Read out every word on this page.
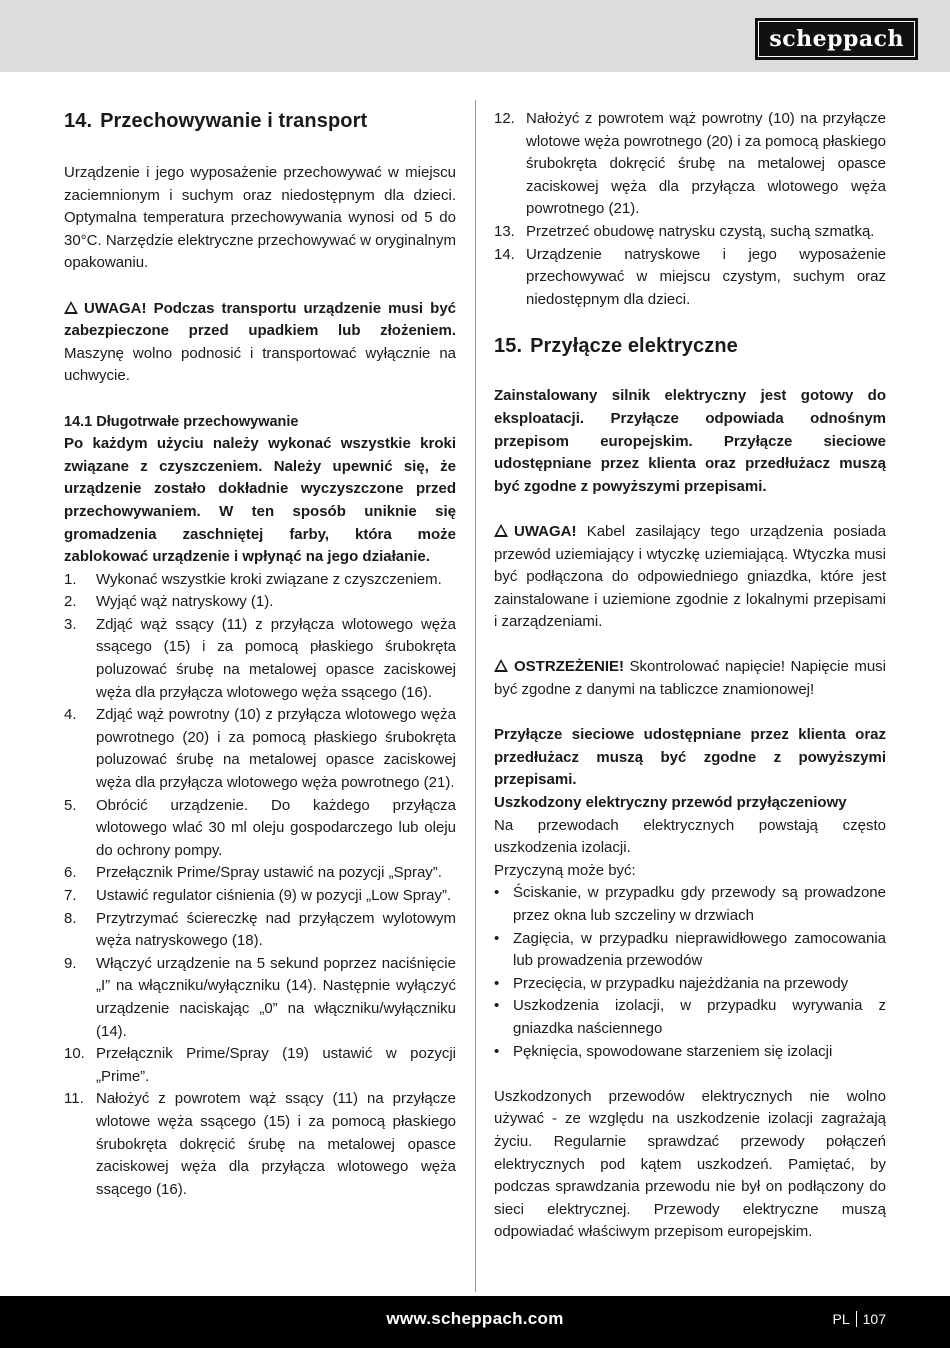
scheppach
14. Przechowywanie i transport

Urządzenie i jego wyposażenie przechowywać w miejscu zaciemnionym i suchym oraz niedostępnym dla dzieci. Optymalna temperatura przechowywania wynosi od 5 do 30°C. Narzędzie elektryczne przechowywać w oryginalnym opakowaniu.

UWAGA! Podczas transportu urządzenie musi być zabezpieczone przed upadkiem lub złożeniem. Maszynę wolno podnosić i transportować wyłącznie na uchwycie.

14.1 Długotrwałe przechowywanie

Po każdym użyciu należy wykonać wszystkie kroki związane z czyszczeniem. Należy upewnić się, że urządzenie zostało dokładnie wyczyszczone przed przechowywaniem. W ten sposób uniknie się gromadzenia zaschniętej farby, która może zablokować urządzenie i wpłynąć na jego działanie.

1. Wykonać wszystkie kroki związane z czyszczeniem.
2. Wyjąć wąż natryskowy (1).
3. Zdjąć wąż ssący (11) z przyłącza wlotowego węża ssącego (15) i za pomocą płaskiego śrubokręta poluzować śrubę na metalowej opasce zaciskowej węża dla przyłącza wlotowego węża ssącego (16).
4. Zdjąć wąż powrotny (10) z przyłącza wlotowego węża powrotnego (20) i za pomocą płaskiego śrubokręta poluzować śrubę na metalowej opasce zaciskowej węża dla przyłącza wlotowego węża powrotnego (21).
5. Obrócić urządzenie. Do każdego przyłącza wlotowego wlać 30 ml oleju gospodarczego lub oleju do ochrony pompy.
6. Przełącznik Prime/Spray ustawić na pozycji „Spray”.
7. Ustawić regulator ciśnienia (9) w pozycji „Low Spray”.
8. Przytrzymać ściereczkę nad przyłączem wylotowym węża natryskowego (18).
9. Włączyć urządzenie na 5 sekund poprzez naciśnięcie „I” na włączniku/wyłączniku (14). Następnie wyłączyć urządzenie naciskając „0” na włączniku/wyłączniku (14).
10. Przełącznik Prime/Spray (19) ustawić w pozycji „Prime”.
11. Nałożyć z powrotem wąż ssący (11) na przyłącze wlotowe węża ssącego (15) i za pomocą płaskiego śrubokręta dokręcić śrubę na metalowej opasce zaciskowej węża dla przyłącza wlotowego węża ssącego (16).
12. Nałożyć z powrotem wąż powrotny (10) na przyłącze wlotowe węża powrotnego (20) i za pomocą płaskiego śrubokręta dokręcić śrubę na metalowej opasce zaciskowej węża dla przyłącza wlotowego węża powrotnego (21).
13. Przetrzeć obudowę natrysku czystą, suchą szmatką.
14. Urządzenie natryskowe i jego wyposażenie przechowywać w miejscu czystym, suchym oraz niedostępnym dla dzieci.
15. Przyłącze elektryczne

Zainstalowany silnik elektryczny jest gotowy do eksploatacji. Przyłącze odpowiada odnośnym przepisom europejskim. Przyłącze sieciowe udostępniane przez klienta oraz przedłużacz muszą być zgodne z powyższymi przepisami.

UWAGA! Kabel zasilający tego urządzenia posiada przewód uziemiający i wtyczkę uziemiającą. Wtyczka musi być podłączona do odpowiedniego gniazdka, które jest zainstalowane i uziemione zgodnie z lokalnymi przepisami i zarządzeniami.

OSTRZEŻENIE! Skontrolować napięcie! Napięcie musi być zgodne z danymi na tabliczce znamionowej!

Przyłącze sieciowe udostępniane przez klienta oraz przedłużacz muszą być zgodne z powyższymi przepisami.

Uszkodzony elektryczny przewód przyłączeniowy

Na przewodach elektrycznych powstają często uszkodzenia izolacji.

Przyczyną może być:

• Ściskanie, w przypadku gdy przewody są prowadzone przez okna lub szczeliny w drzwiach
• Zagięcia, w przypadku nieprawidłowego zamocowania lub prowadzenia przewodów
• Przecięcia, w przypadku najeżdżania na przewody
• Uszkodzenia izolacji, w przypadku wyrywania z gniazdka naściennego
• Pęknięcia, spowodowane starzeniem się izolacji

Uszkodzonych przewodów elektrycznych nie wolno używać - ze względu na uszkodzenie izolacji zagrażają życiu. Regularnie sprawdzać przewody połączeń elektrycznych pod kątem uszkodzeń. Pamiętać, by podczas sprawdzania przewodu nie był on podłączony do sieci elektrycznej. Przewody elektryczne muszą odpowiadać właściwym przepisom europejskim.

www.scheppach.com	PL 107
